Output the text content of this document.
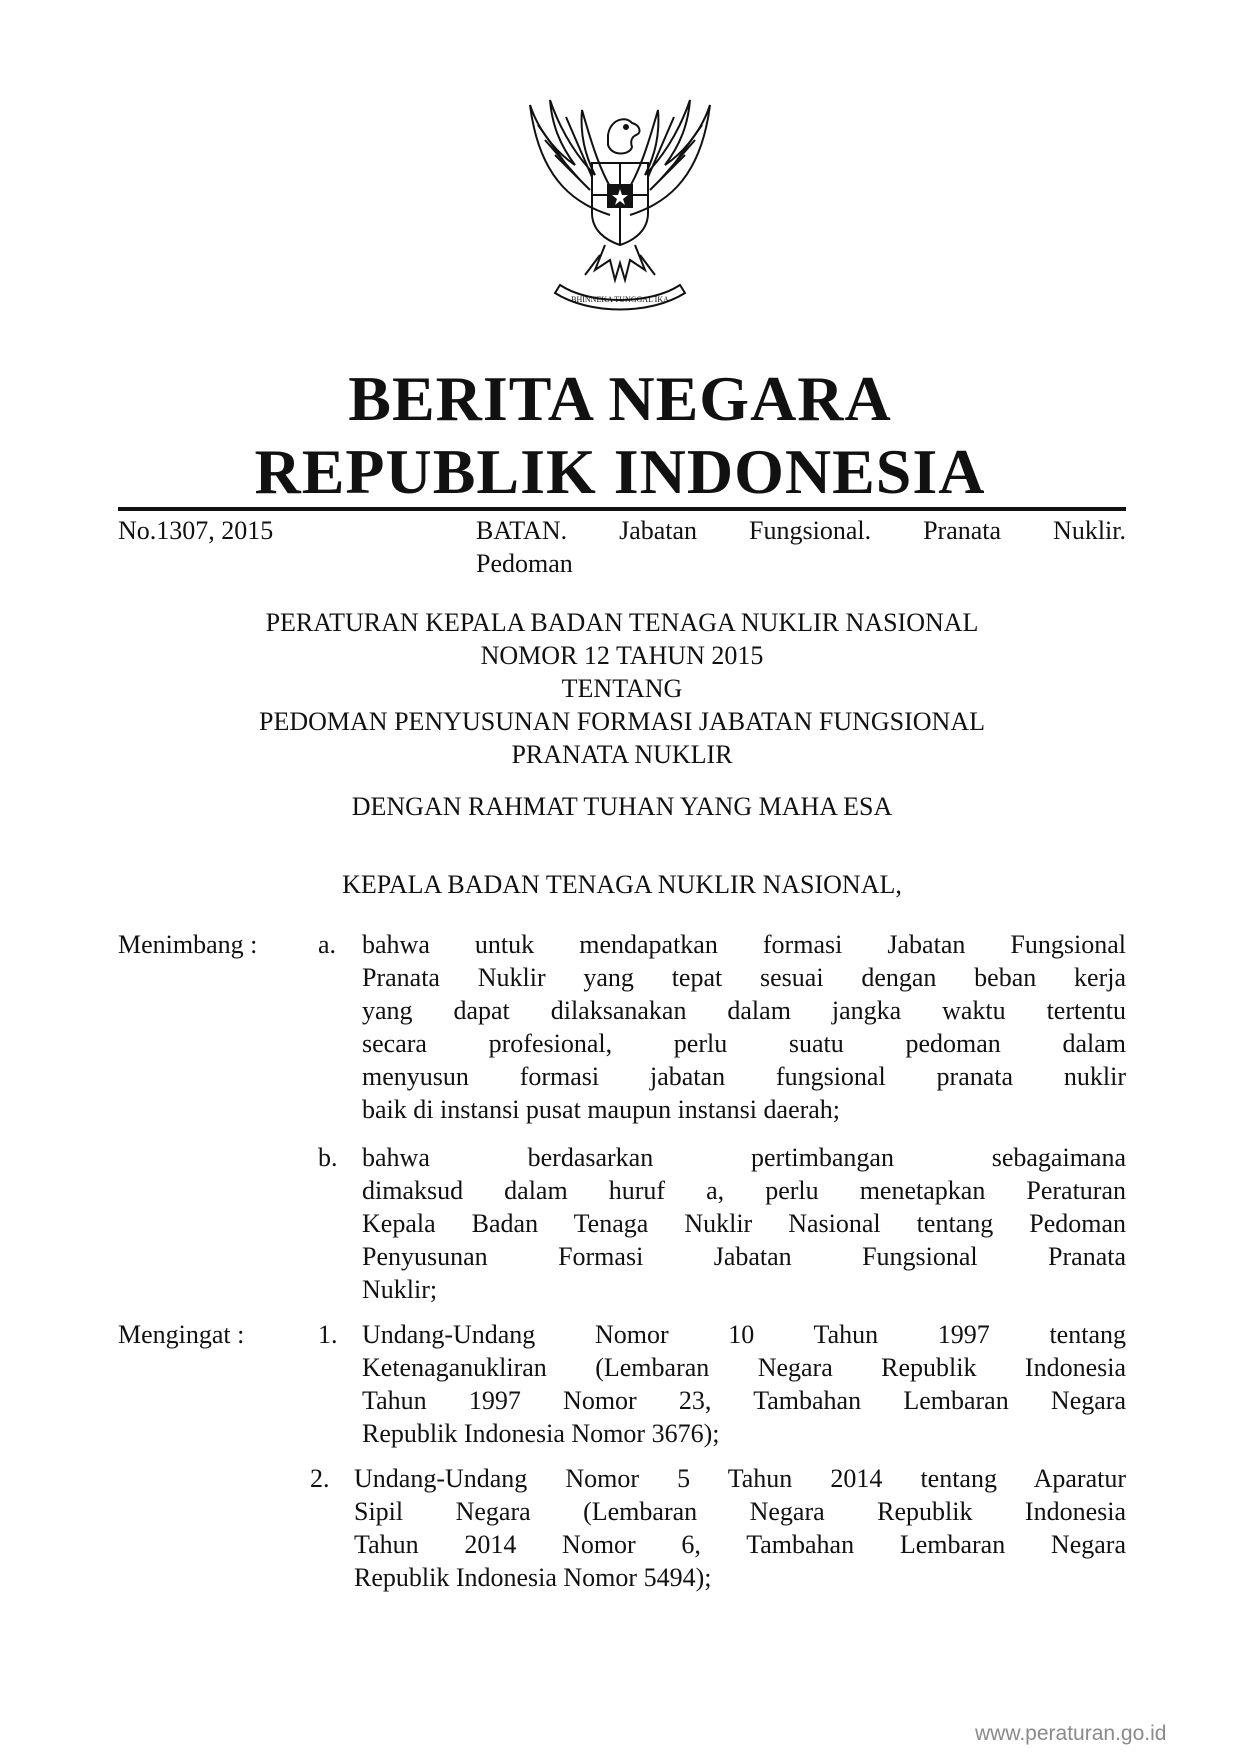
BHINNEKA TUNGGAL IKA
BERITA NEGARA
REPUBLIK INDONESIA
No.1307, 2015	BATAN. Jabatan Fungsional. Pranata Nuklir.
Pedoman
PERATURAN KEPALA BADAN TENAGA NUKLIR NASIONAL
NOMOR 12 TAHUN 2015
TENTANG
PEDOMAN PENYUSUNAN FORMASI JABATAN FUNGSIONAL
PRANATA NUKLIR
DENGAN RAHMAT TUHAN YANG MAHA ESA
KEPALA BADAN TENAGA NUKLIR NASIONAL,
Menimbang : a. bahwa untuk mendapatkan formasi Jabatan Fungsional
Pranata Nuklir yang tepat sesuai dengan beban kerja
yang dapat dilaksanakan dalam jangka waktu tertentu
secara profesional, perlu suatu pedoman dalam
menyusun formasi jabatan fungsional pranata nuklir
baik di instansi pusat maupun instansi daerah;
b. bahwa berdasarkan pertimbangan sebagaimana
dimaksud dalam huruf a, perlu menetapkan Peraturan
Kepala Badan Tenaga Nuklir Nasional tentang Pedoman
Penyusunan Formasi Jabatan Fungsional Pranata
Nuklir;
Mengingat :	1. Undang-Undang Nomor 10 Tahun 1997 tentang
Ketenaganukliran (Lembaran Negara Republik Indonesia
Tahun 1997 Nomor 23, Tambahan Lembaran Negara
Republik Indonesia Nomor 3676);
2. Undang-Undang Nomor 5 Tahun 2014 tentang Aparatur
Sipil Negara (Lembaran Negara Republik Indonesia
Tahun 2014 Nomor 6, Tambahan Lembaran Negara
Republik Indonesia Nomor 5494);
www.peraturan.go.id
